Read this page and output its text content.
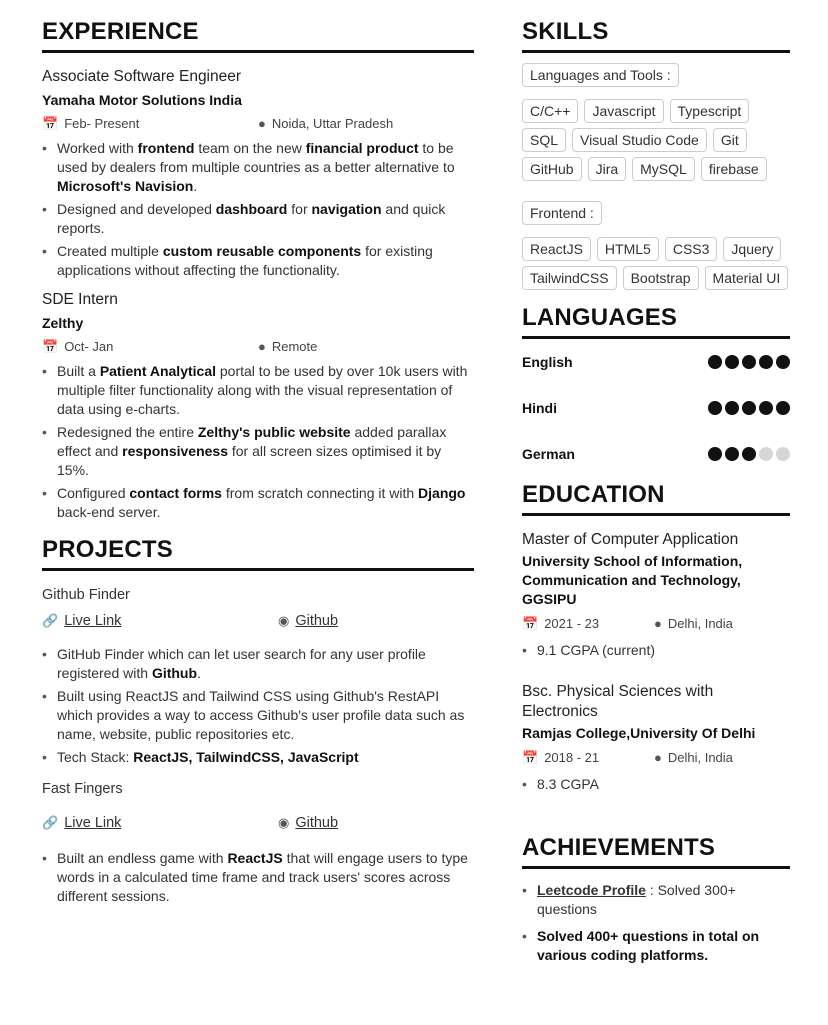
EXPERIENCE
Associate Software Engineer
Yamaha Motor Solutions India
📅 Feb- Present	● Noida, Uttar Pradesh
• Worked with frontend team on the new financial product to be used by dealers from multiple countries as a better alternative to Microsoft's Navision.
• Designed and developed dashboard for navigation and quick reports.
• Created multiple custom reusable components for existing applications without affecting the functionality.
SDE Intern
Zelthy
📅 Oct- Jan	● Remote
• Built a Patient Analytical portal to be used by over 10k users with multiple filter functionality along with the visual representation of data using e-charts.
• Redesigned the entire Zelthy's public website added parallax effect and responsiveness for all screen sizes optimised it by 15%.
• Configured contact forms from scratch connecting it with Django back-end server.
PROJECTS
Github Finder
🔗 Live Link	◉ Github
• GitHub Finder which can let user search for any user profile registered with Github.
• Built using ReactJS and Tailwind CSS using Github's RestAPI which provides a way to access Github's user profile data such as name, website, public repositories etc.
• Tech Stack: ReactJS, TailwindCSS, JavaScript
Fast Fingers
🔗 Live Link	◉ Github
• Built an endless game with ReactJS that will engage users to type words in a calculated time frame and track users' scores across different sessions.
SKILLS
Languages and Tools :
C/C++	Javascript	Typescript
SQL	Visual Studio Code	Git
GitHub	Jira	MySQL	firebase
Frontend :
ReactJS	HTML5	CSS3	Jquery
TailwindCSS	Bootstrap	Material UI
LANGUAGES
English
Hindi
German
EDUCATION
Master of Computer Application
University School of Information, Communication and Technology, GGSIPU
📅 2021 - 23	● Delhi, India
• 9.1 CGPA (current)
Bsc. Physical Sciences with Electronics
Ramjas College,University Of Delhi
📅 2018 - 21	● Delhi, India
• 8.3 CGPA
ACHIEVEMENTS
• Leetcode Profile : Solved 300+ questions
• Solved 400+ questions in total on various coding platforms.
